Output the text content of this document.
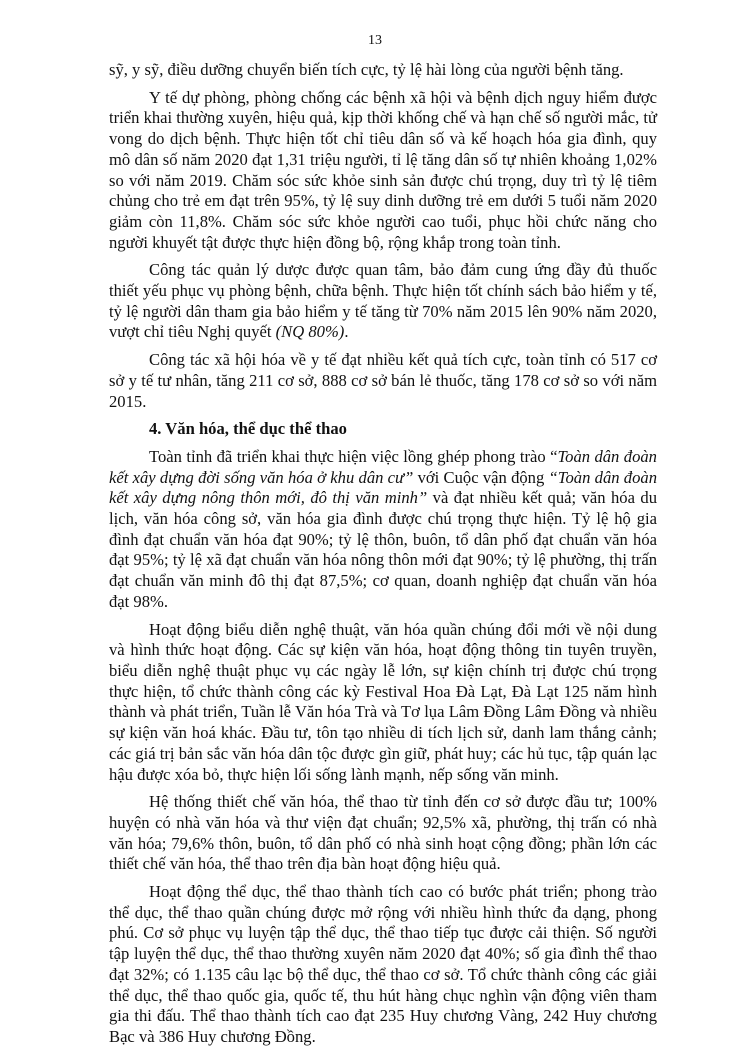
13

sỹ, y sỹ, điều dưỡng chuyển biến tích cực, tỷ lệ hài lòng của người bệnh tăng.

Y tế dự phòng, phòng chống các bệnh xã hội và bệnh dịch nguy hiểm được triển khai thường xuyên, hiệu quả, kịp thời khống chế và hạn chế số người mắc, tử vong do dịch bệnh. Thực hiện tốt chỉ tiêu dân số và kế hoạch hóa gia đình, quy mô dân số năm 2020 đạt 1,31 triệu người, tỉ lệ tăng dân số tự nhiên khoảng 1,02% so với năm 2019. Chăm sóc sức khỏe sinh sản được chú trọng, duy trì tỷ lệ tiêm chủng cho trẻ em đạt trên 95%, tỷ lệ suy dinh dưỡng trẻ em dưới 5 tuổi năm 2020 giảm còn 11,8%. Chăm sóc sức khỏe người cao tuổi, phục hồi chức năng cho người khuyết tật được thực hiện đồng bộ, rộng khắp trong toàn tỉnh.

Công tác quản lý dược được quan tâm, bảo đảm cung ứng đầy đủ thuốc thiết yếu phục vụ phòng bệnh, chữa bệnh. Thực hiện tốt chính sách bảo hiểm y tế, tỷ lệ người dân tham gia bảo hiểm y tế tăng từ 70% năm 2015 lên 90% năm 2020, vượt chỉ tiêu Nghị quyết (NQ 80%).

Công tác xã hội hóa về y tế đạt nhiều kết quả tích cực, toàn tỉnh có 517 cơ sở y tế tư nhân, tăng 211 cơ sở, 888 cơ sở bán lẻ thuốc, tăng 178 cơ sở so với năm 2015.

4. Văn hóa, thể dục thể thao

Toàn tỉnh đã triển khai thực hiện việc lồng ghép phong trào “Toàn dân đoàn kết xây dựng đời sống văn hóa ở khu dân cư” với Cuộc vận động “Toàn dân đoàn kết xây dựng nông thôn mới, đô thị văn minh” và đạt nhiều kết quả; văn hóa du lịch, văn hóa công sở, văn hóa gia đình được chú trọng thực hiện. Tỷ lệ hộ gia đình đạt chuẩn văn hóa đạt 90%; tỷ lệ thôn, buôn, tổ dân phố đạt chuẩn văn hóa đạt 95%; tỷ lệ xã đạt chuẩn văn hóa nông thôn mới đạt 90%; tỷ lệ phường, thị trấn đạt chuẩn văn minh đô thị đạt 87,5%; cơ quan, doanh nghiệp đạt chuẩn văn hóa đạt 98%.

Hoạt động biểu diễn nghệ thuật, văn hóa quần chúng đổi mới về nội dung và hình thức hoạt động. Các sự kiện văn hóa, hoạt động thông tin tuyên truyền, biểu diễn nghệ thuật phục vụ các ngày lễ lớn, sự kiện chính trị được chú trọng thực hiện, tổ chức thành công các kỳ Festival Hoa Đà Lạt, Đà Lạt 125 năm hình thành và phát triển, Tuần lễ Văn hóa Trà và Tơ lụa Lâm Đồng Lâm Đồng và nhiều sự kiện văn hoá khác. Đầu tư, tôn tạo nhiều di tích lịch sử, danh lam thắng cảnh; các giá trị bản sắc văn hóa dân tộc được gìn giữ, phát huy; các hủ tục, tập quán lạc hậu được xóa bỏ, thực hiện lối sống lành mạnh, nếp sống văn minh.

Hệ thống thiết chế văn hóa, thể thao từ tỉnh đến cơ sở được đầu tư; 100% huyện có nhà văn hóa và thư viện đạt chuẩn; 92,5% xã, phường, thị trấn có nhà văn hóa; 79,6% thôn, buôn, tổ dân phố có nhà sinh hoạt cộng đồng; phần lớn các thiết chế văn hóa, thể thao trên địa bàn hoạt động hiệu quả.

Hoạt động thể dục, thể thao thành tích cao có bước phát triển; phong trào thể dục, thể thao quần chúng được mở rộng với nhiều hình thức đa dạng, phong phú. Cơ sở phục vụ luyện tập thể dục, thể thao tiếp tục được cải thiện. Số người tập luyện thể dục, thể thao thường xuyên năm 2020 đạt 40%; số gia đình thể thao đạt 32%; có 1.135 câu lạc bộ thể dục, thể thao cơ sở. Tổ chức thành công các giải thể dục, thể thao quốc gia, quốc tế, thu hút hàng chục nghìn vận động viên tham gia thi đấu. Thể thao thành tích cao đạt 235 Huy chương Vàng, 242 Huy chương Bạc và 386 Huy chương Đồng.
